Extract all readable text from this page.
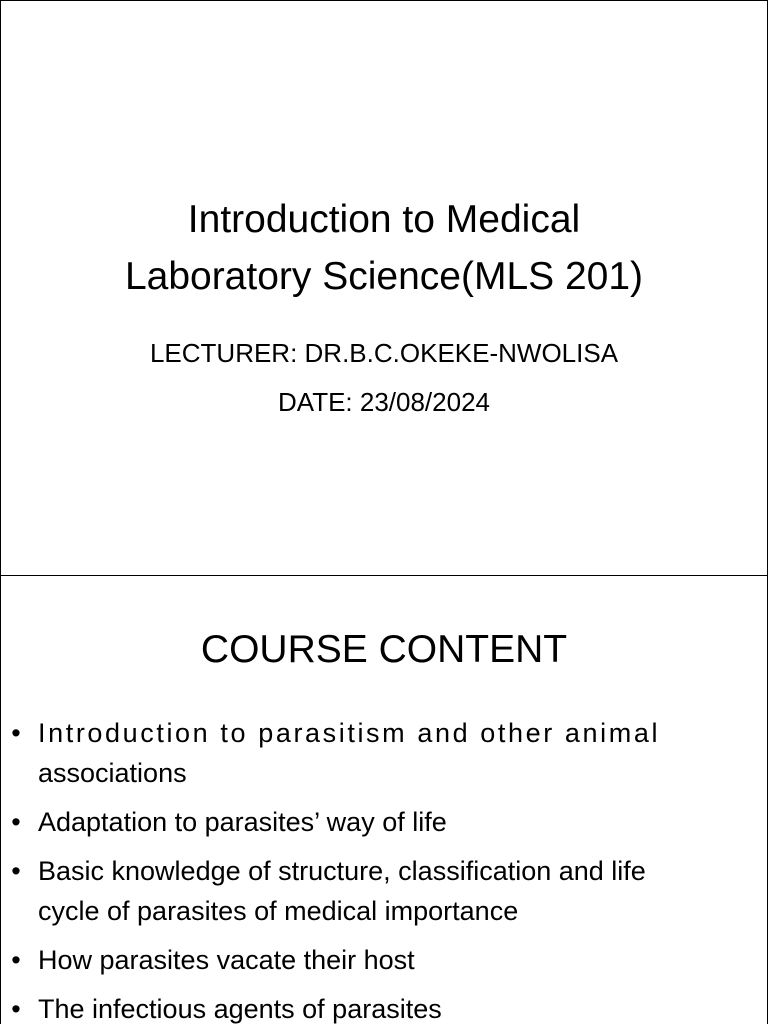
Introduction to Medical
Laboratory Science(MLS 201)
LECTURER: DR.B.C.OKEKE-NWOLISA
DATE: 23/08/2024
COURSE CONTENT
• Introduction to parasitism and other animal
associations
• Adaptation to parasites’ way of life
• Basic knowledge of structure, classification and life
cycle of parasites of medical importance
• How parasites vacate their host
• The infectious agents of parasites
